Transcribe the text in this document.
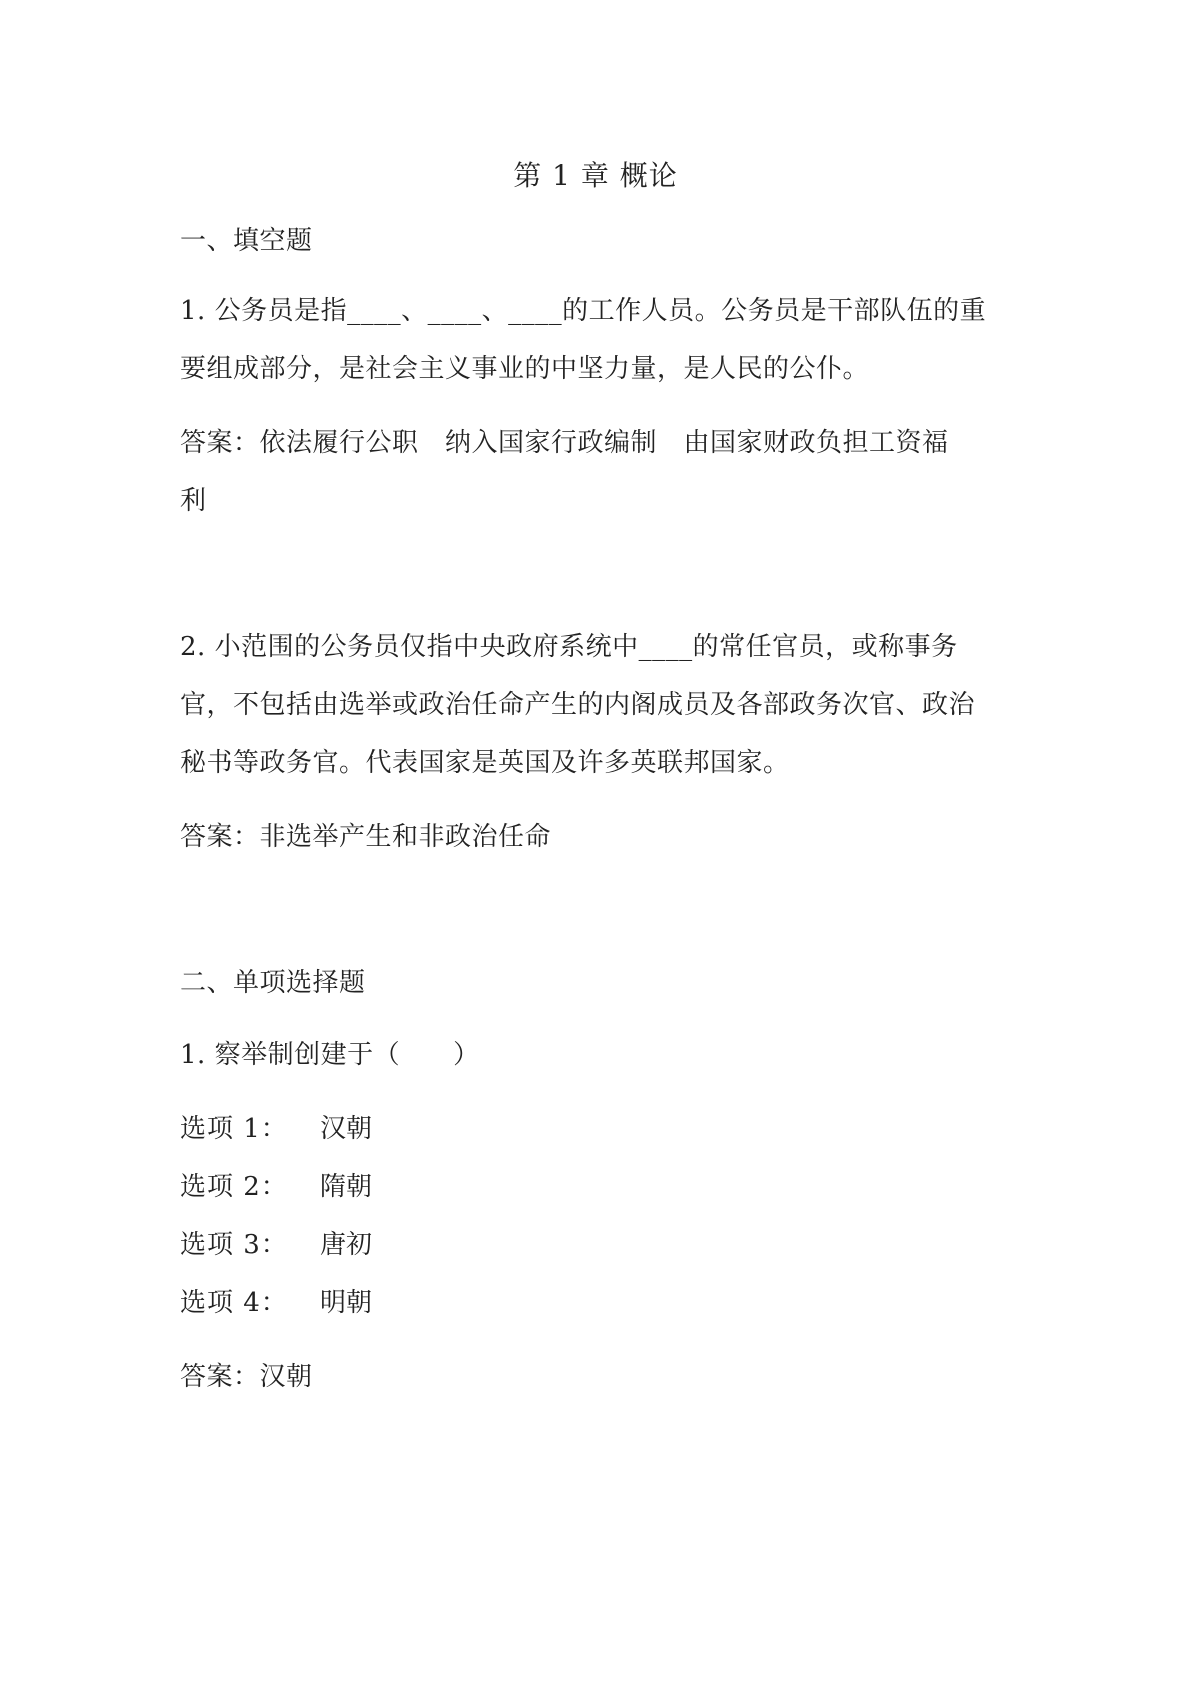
第 1 章 概论
一、填空题
1. 公务员是指____、____、____的工作人员。公务员是干部队伍的重
要组成部分，是社会主义事业的中坚力量，是人民的公仆。
答案：依法履行公职　纳入国家行政编制　由国家财政负担工资福
利
2. 小范围的公务员仅指中央政府系统中____的常任官员，或称事务
官，不包括由选举或政治任命产生的内阁成员及各部政务次官、政治
秘书等政务官。代表国家是英国及许多英联邦国家。
答案：非选举产生和非政治任命
二、单项选择题
1. 察举制创建于（　　）
选项 1： 汉朝
选项 2： 隋朝
选项 3： 唐初
选项 4： 明朝
答案：汉朝
